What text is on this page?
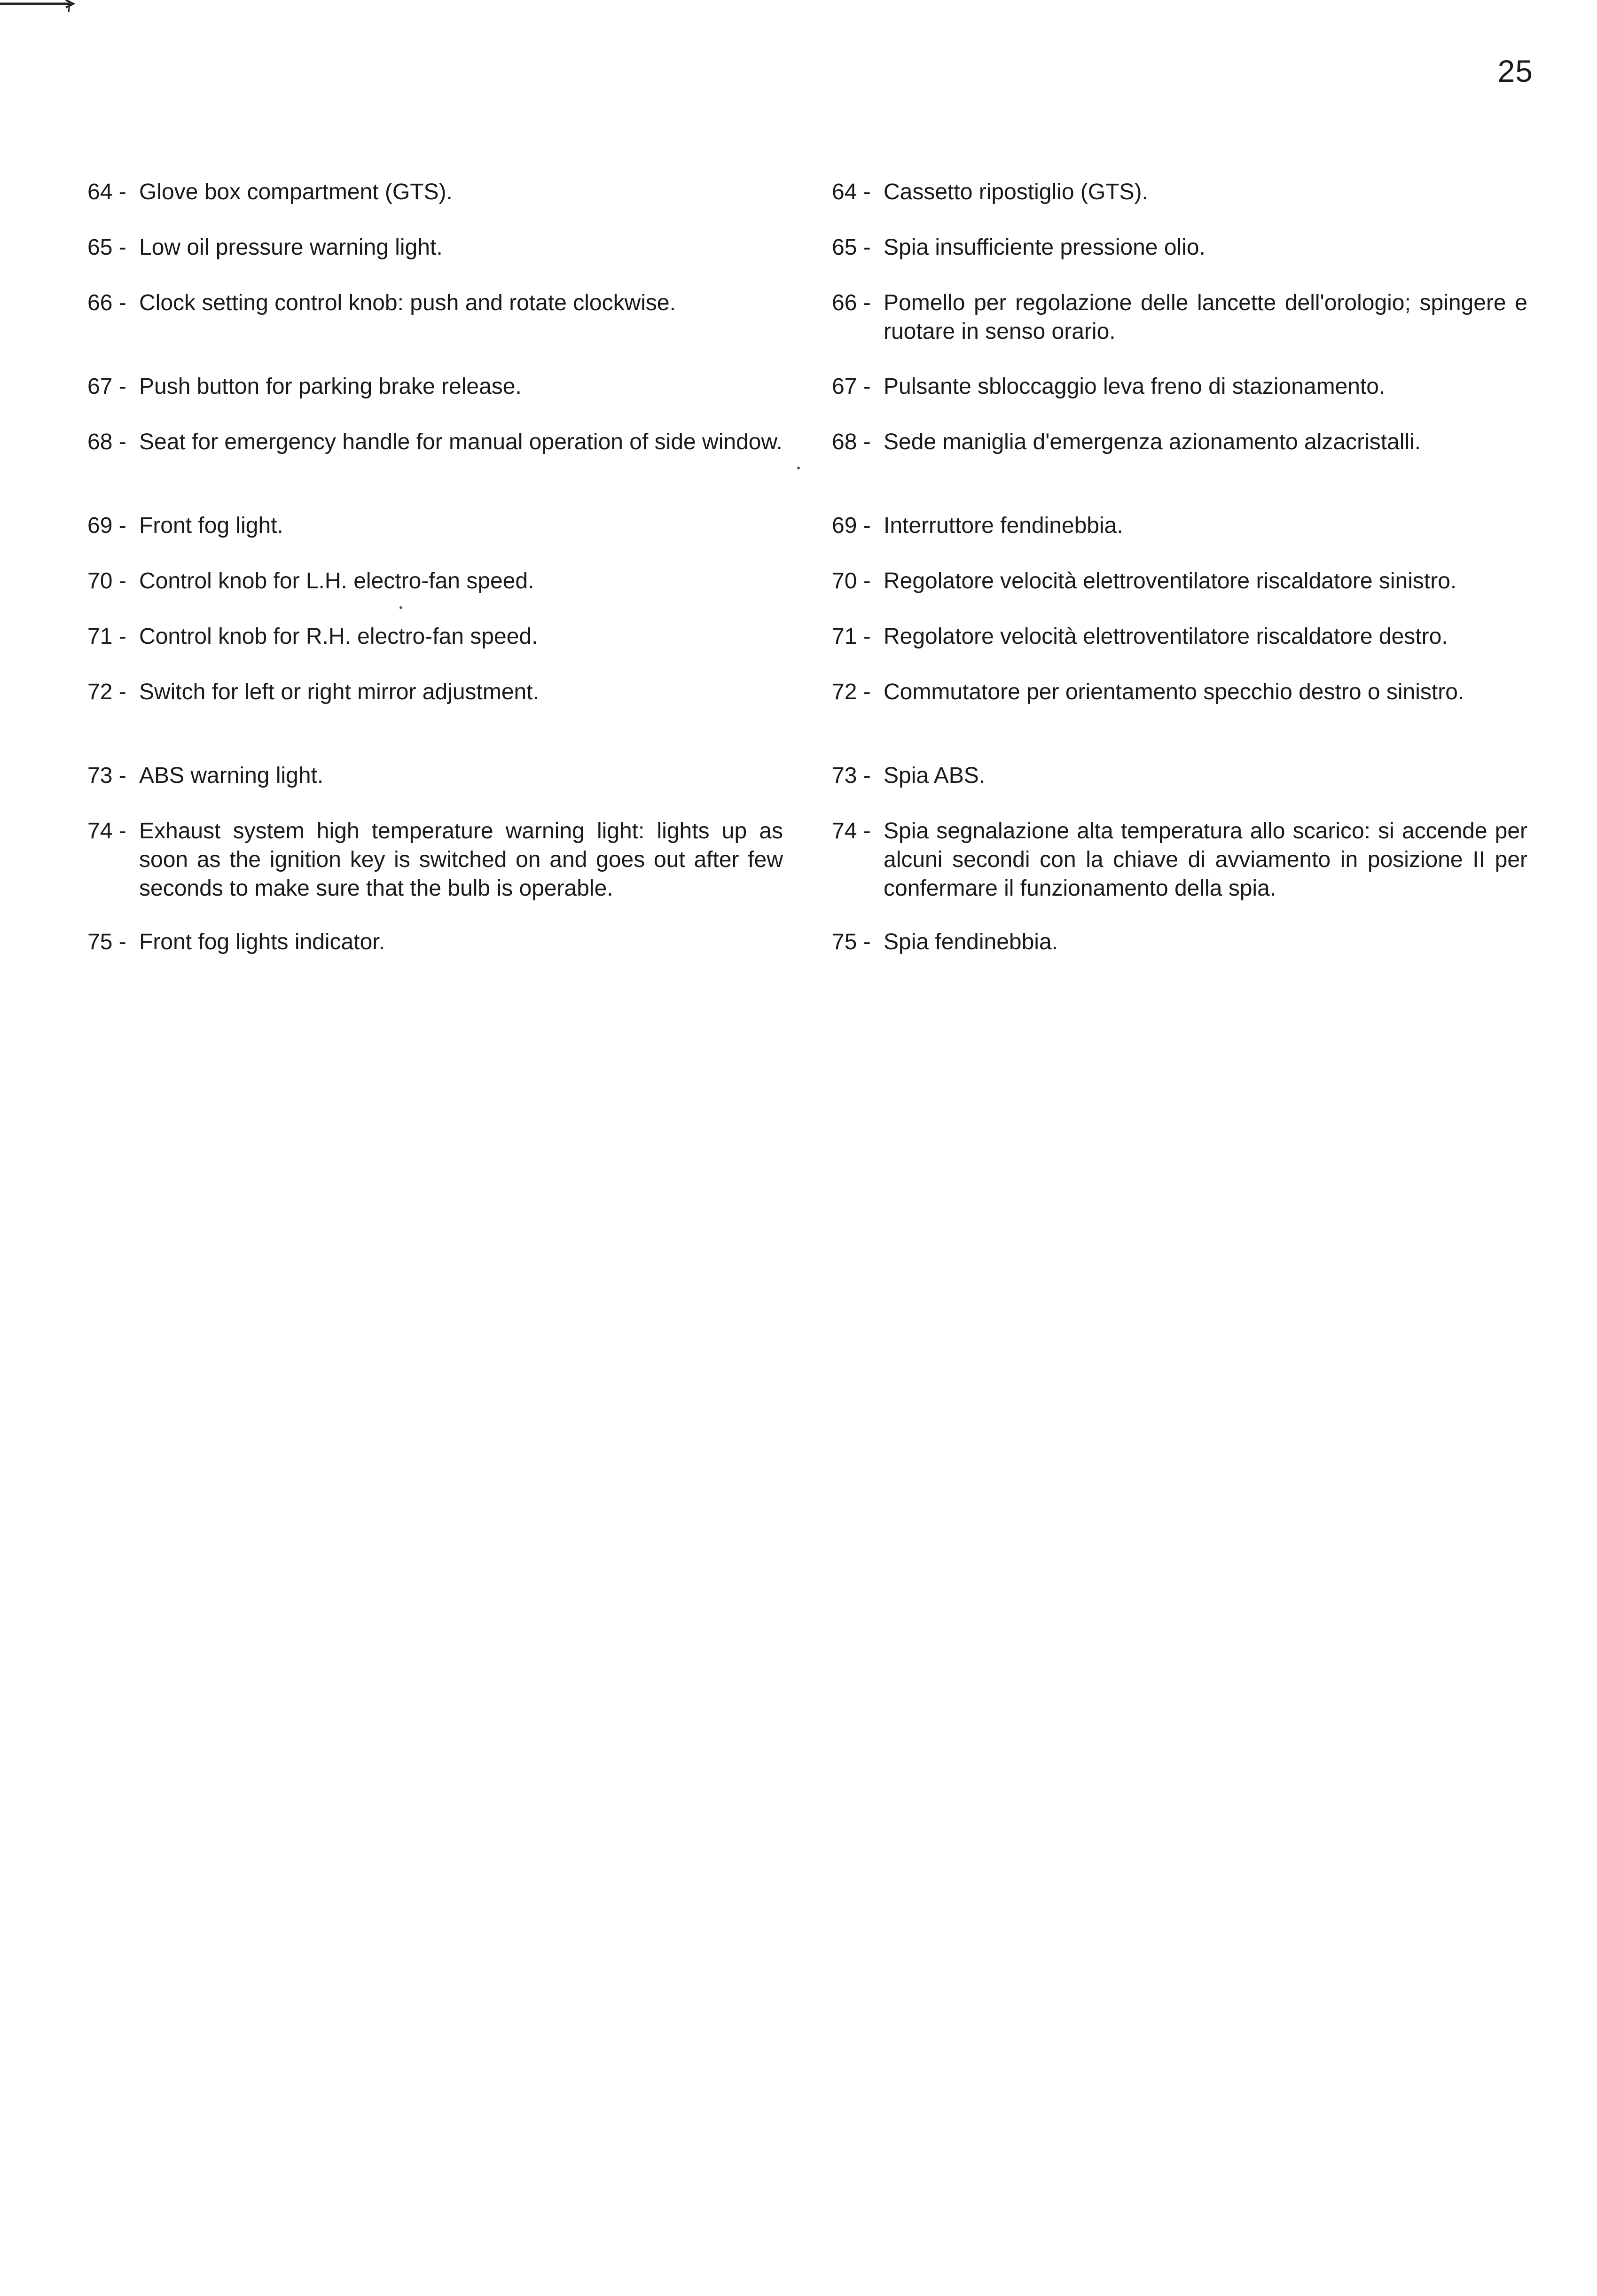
25
64 - Glove box compartment (GTS).
65 - Low oil pressure warning light.
66 - Clock setting control knob: push and rotate clockwise.
67 - Push button for parking brake release.
68 - Seat for emergency handle for manual operation of side window.
69 - Front fog light.
70 - Control knob for L.H. electro-fan speed.
71 - Control knob for R.H. electro-fan speed.
72 - Switch for left or right mirror adjustment.
73 - ABS warning light.
74 - Exhaust system high temperature warning light: lights up as soon as the ignition key is switched on and goes out after few seconds to make sure that the bulb is operable.
75 - Front fog lights indicator.
64 - Cassetto ripostiglio (GTS).
65 - Spia insufficiente pressione olio.
66 - Pomello per regolazione delle lancette dell'orologio; spingere e ruotare in senso orario.
67 - Pulsante sbloccaggio leva freno di stazionamento.
68 - Sede maniglia d'emergenza azionamento alzacristalli.
69 - Interruttore fendinebbia.
70 - Regolatore velocità elettroventilatore riscaldatore sinistro.
71 - Regolatore velocità elettroventilatore riscaldatore destro.
72 - Commutatore per orientamento specchio destro o sinistro.
73 - Spia ABS.
74 - Spia segnalazione alta temperatura allo scarico: si accende per alcuni secondi con la chiave di avviamento in posizione II per confermare il funzionamento della spia.
75 - Spia fendinebbia.
